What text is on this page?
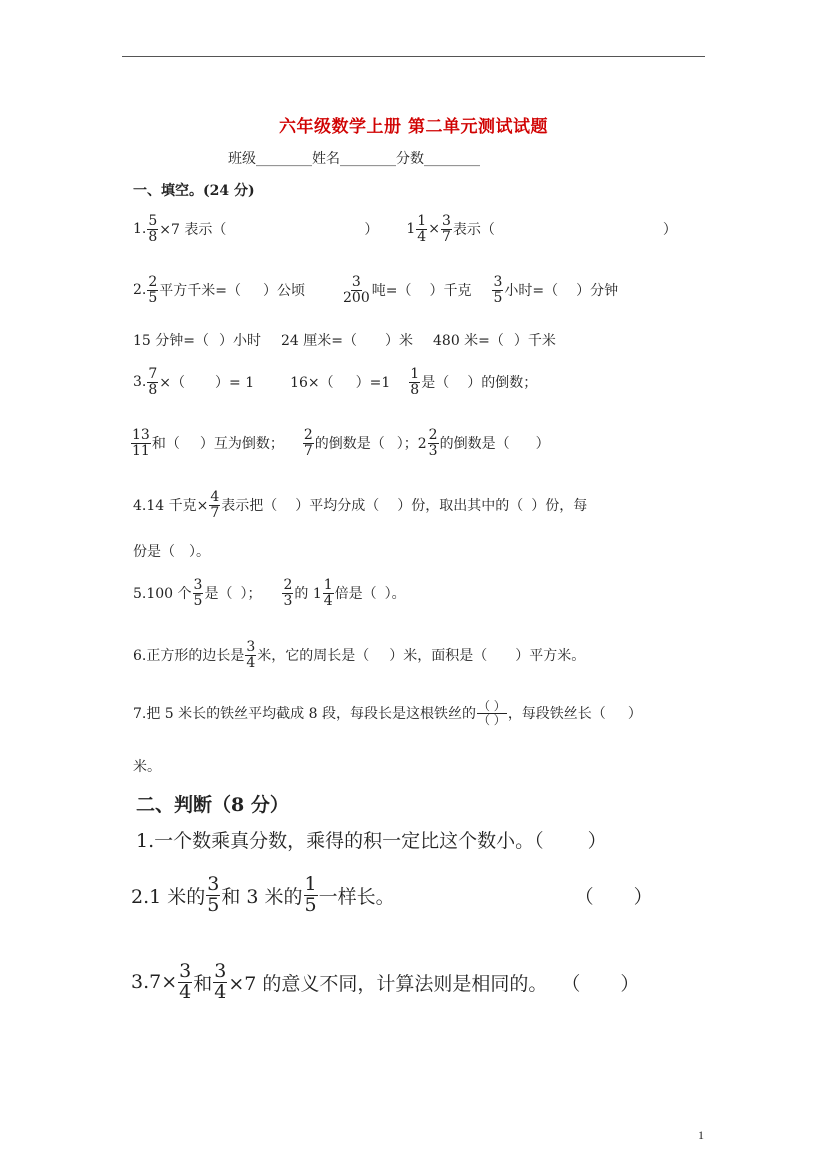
六年级数学上册 第二单元测试试题
班级________姓名________分数________
一、填空。(24 分)
1. $\frac{5}{8} \times 7$ 表示（	） $1 \frac{1}{4} \times \frac{3}{7}$ 表示（	）
2. $\frac{2}{5}$ 平方千米=（ ）公顷	$\frac{3}{200}$ 吨=（ ）千克 $\frac{3}{5}$ 小时=（ ）分钟
15 分钟=（ ）小时 24 厘米=（ ）米 480 米=（ ）千米
3. $\frac{7}{8}$ ×（ ）= 1	16×（ ）$=1 \frac{1}{8}$ 是（ ）的倒数；
$\frac{13}{11}$ 和（ ）互为倒数； $\frac{2}{7}$ 的倒数是（ ）；$2 \frac{2}{3}$ 的倒数是（ ）
4.14 千克× $\frac{4}{7}$ 表示把（ ）平均分成（ ）份，取出其中的（ ）份，每
份是（　）。
5.100 个 $\frac{3}{5}$ 是（ ）； $\frac{2}{3}$ 的 $1 \frac{1}{4}$ 倍是（ ）。
6.正方形的边长是 $\frac{3}{4}$ 米，它的周长是（ ）米，面积是（ ）平方米。
7.把 5 米长的铁丝平均截成 8 段，每段长是这根铁丝的 $\frac{( )}{( )}$ ，每段铁丝长（ ）
米。
二、判断（8 分）
1.一个数乘真分数，乘得的积一定比这个数小。（ ）
2.1 米的 $\frac{3}{5}$ 和 3 米的 $\frac{1}{5}$ 一样长。	（ ）
$3.7\times \frac{3}{4}$ 和 $\frac{3}{4} \times 7$ 的意义不同，计算法则是相同的。 （ ）
1
